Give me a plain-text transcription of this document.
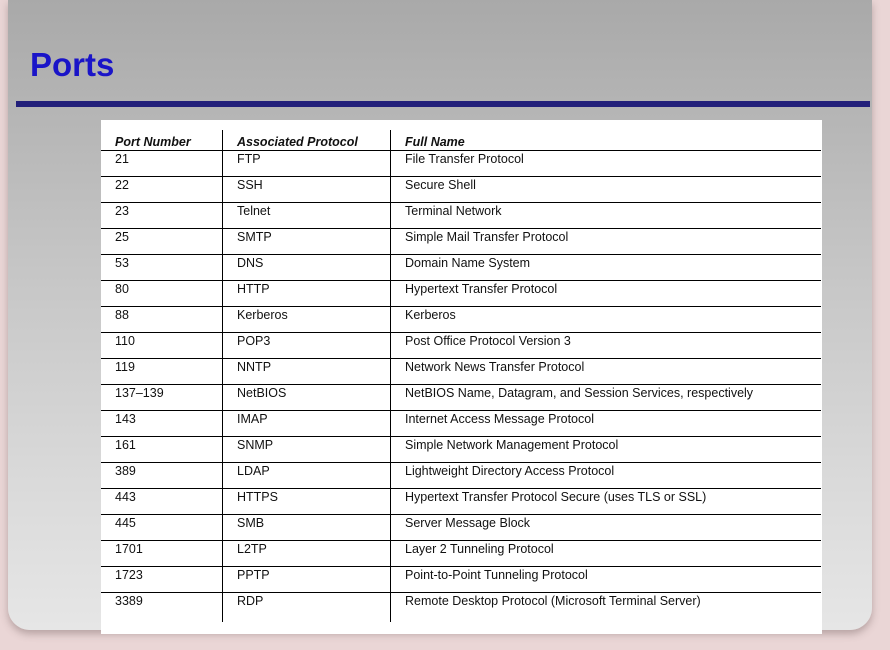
Ports
Port Number	Associated Protocol	Full Name
21	FTP	File Transfer Protocol
22	SSH	Secure Shell
23	Telnet	Terminal Network
25	SMTP	Simple Mail Transfer Protocol
53	DNS	Domain Name System
80	HTTP	Hypertext Transfer Protocol
88	Kerberos	Kerberos
110	POP3	Post Office Protocol Version 3
119	NNTP	Network News Transfer Protocol
137–139	NetBIOS	NetBIOS Name, Datagram, and Session Services, respectively
143	IMAP	Internet Access Message Protocol
161	SNMP	Simple Network Management Protocol
389	LDAP	Lightweight Directory Access Protocol
443	HTTPS	Hypertext Transfer Protocol Secure (uses TLS or SSL)
445	SMB	Server Message Block
1701	L2TP	Layer 2 Tunneling Protocol
1723	PPTP	Point-to-Point Tunneling Protocol
3389	RDP	Remote Desktop Protocol (Microsoft Terminal Server)
